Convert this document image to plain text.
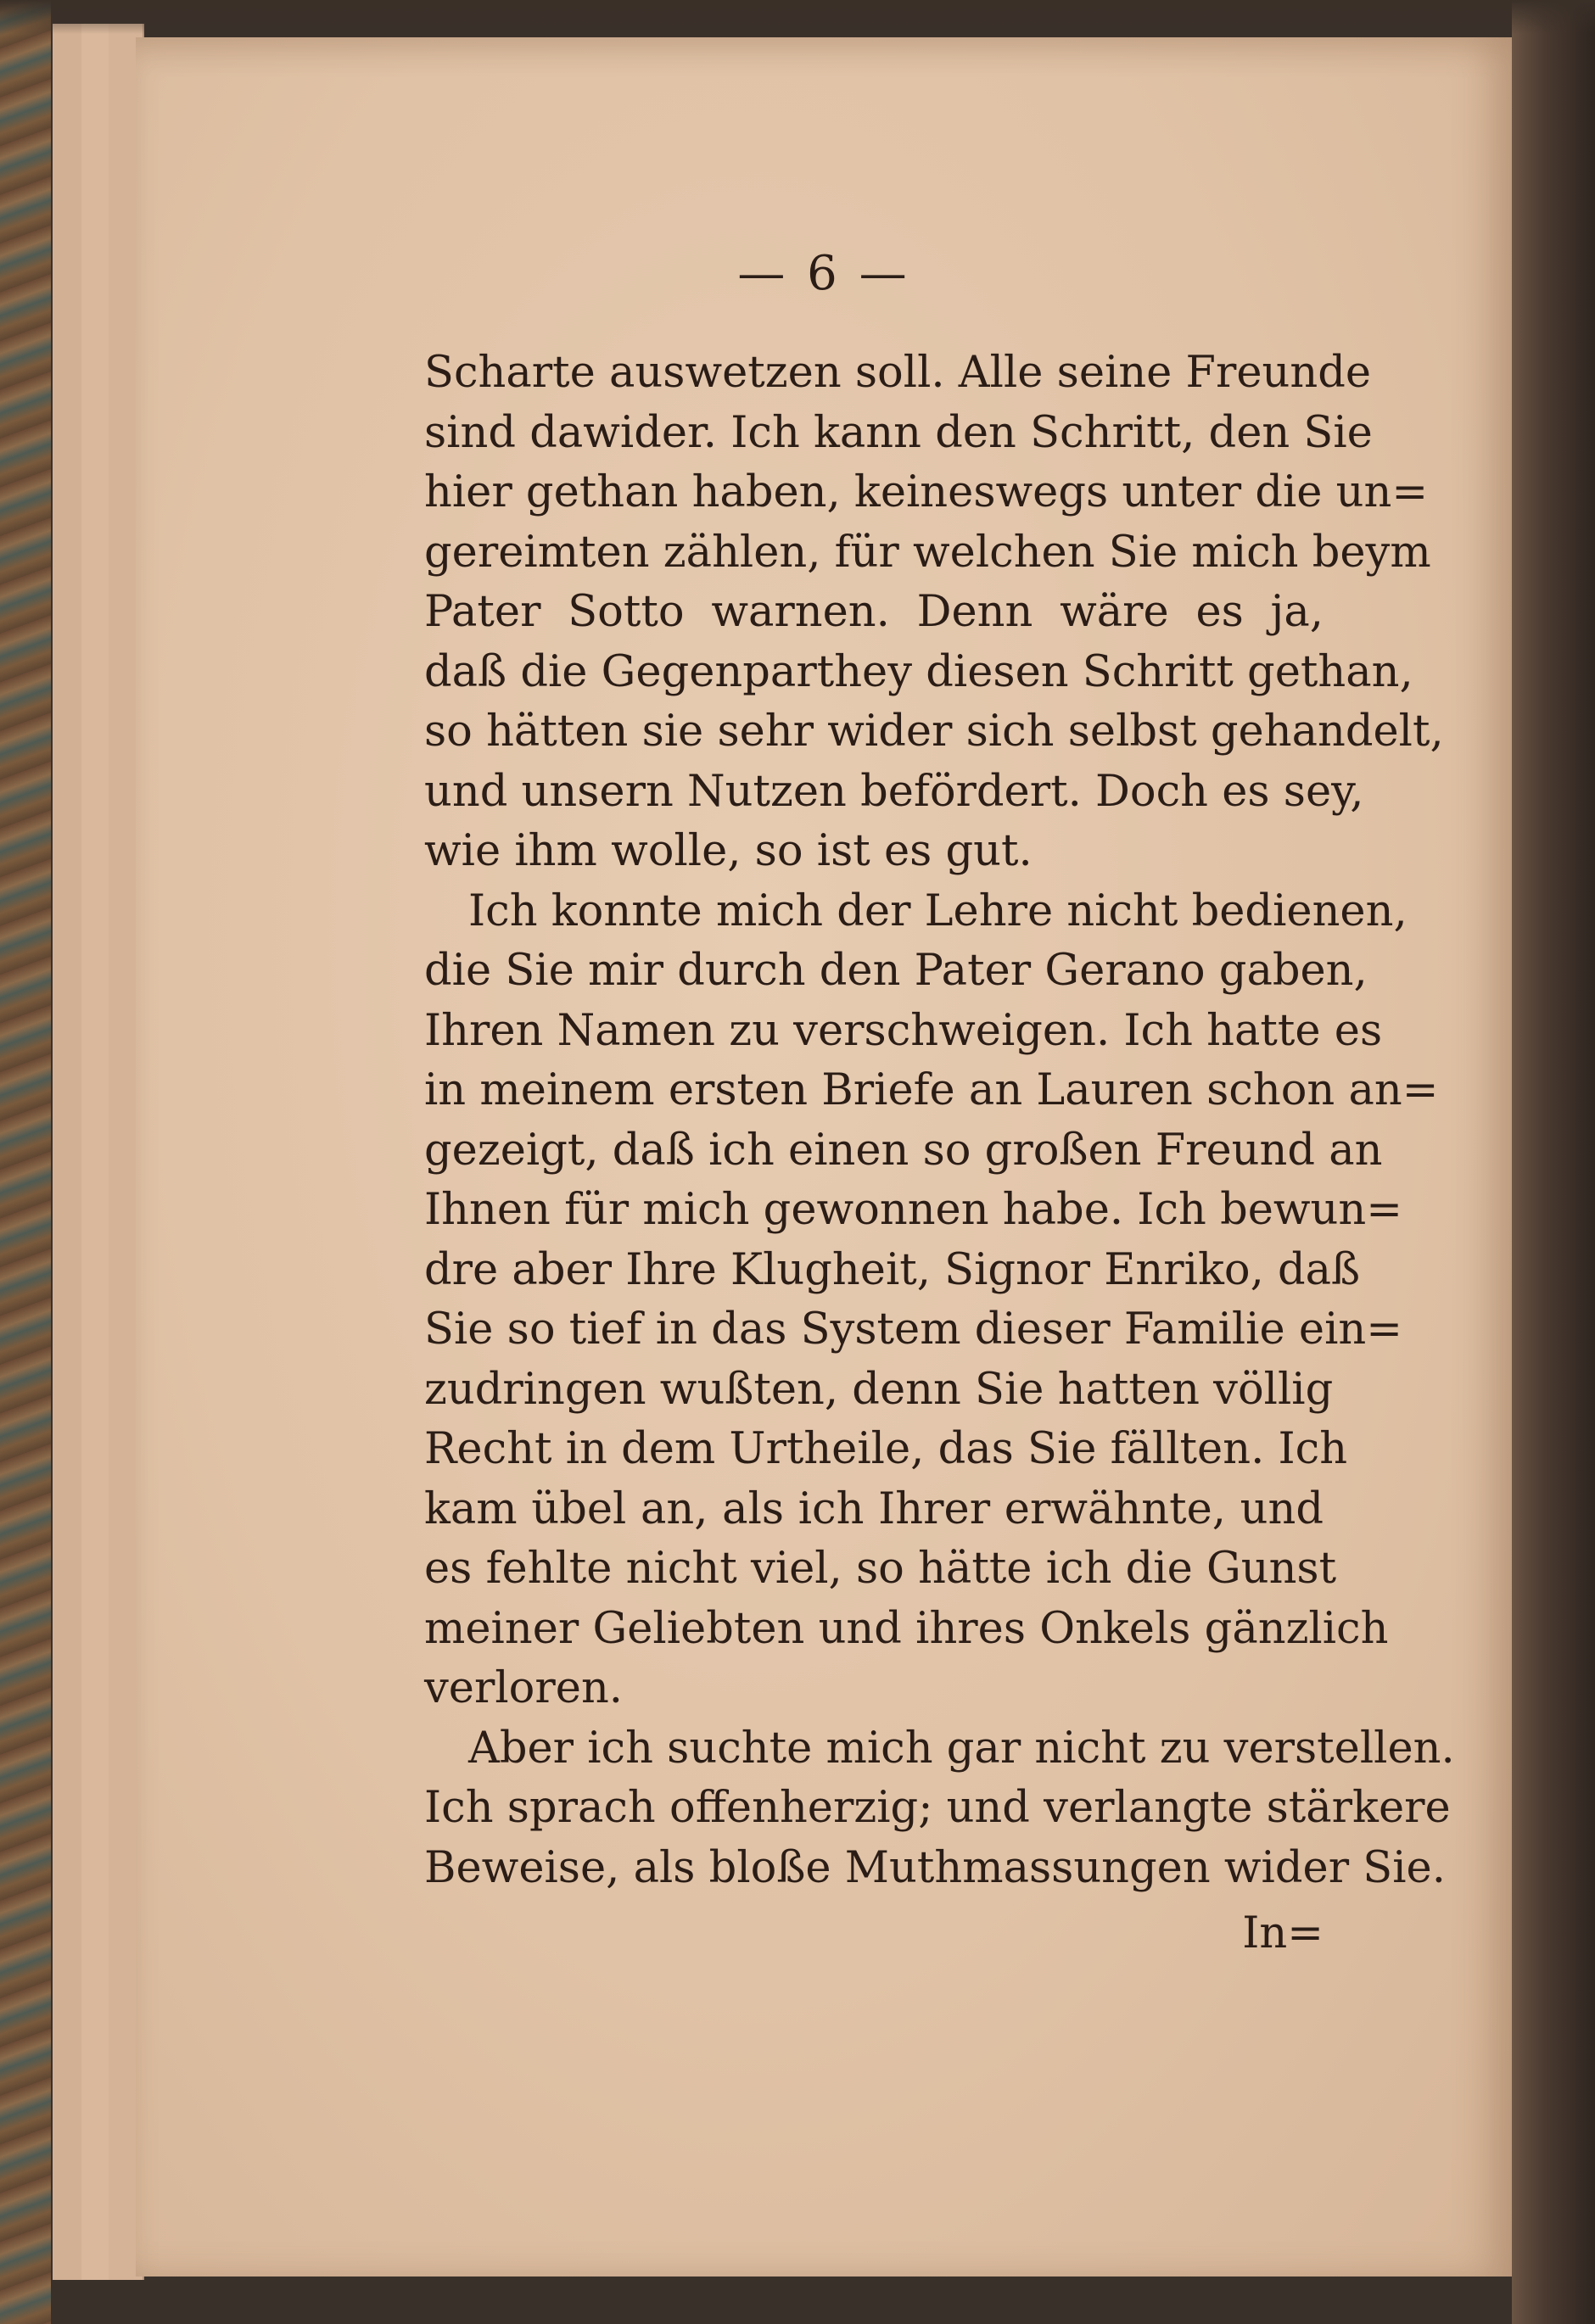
— 6 —
Scharte auswetzen soll. Alle seine Freunde
sind dawider. Ich kann den Schritt, den Sie
hier gethan haben, keineswegs unter die un=
gereimten zählen, für welchen Sie mich beym
Pater Sotto warnen. Denn wäre es ja,
daß die Gegenparthey diesen Schritt gethan,
so hätten sie sehr wider sich selbst gehandelt,
und unsern Nutzen befördert. Doch es sey,
wie ihm wolle, so ist es gut.
Ich konnte mich der Lehre nicht bedienen,
die Sie mir durch den Pater Gerano gaben,
Ihren Namen zu verschweigen. Ich hatte es
in meinem ersten Briefe an Lauren schon an=
gezeigt, daß ich einen so großen Freund an
Ihnen für mich gewonnen habe. Ich bewun=
dre aber Ihre Klugheit, Signor Enriko, daß
Sie so tief in das System dieser Familie ein=
zudringen wußten, denn Sie hatten völlig
Recht in dem Urtheile, das Sie fällten. Ich
kam übel an, als ich Ihrer erwähnte, und
es fehlte nicht viel, so hätte ich die Gunst
meiner Geliebten und ihres Onkels gänzlich
verloren.
Aber ich suchte mich gar nicht zu verstellen.
Ich sprach offenherzig; und verlangte stärkere
Beweise, als bloße Muthmassungen wider Sie.
In=
